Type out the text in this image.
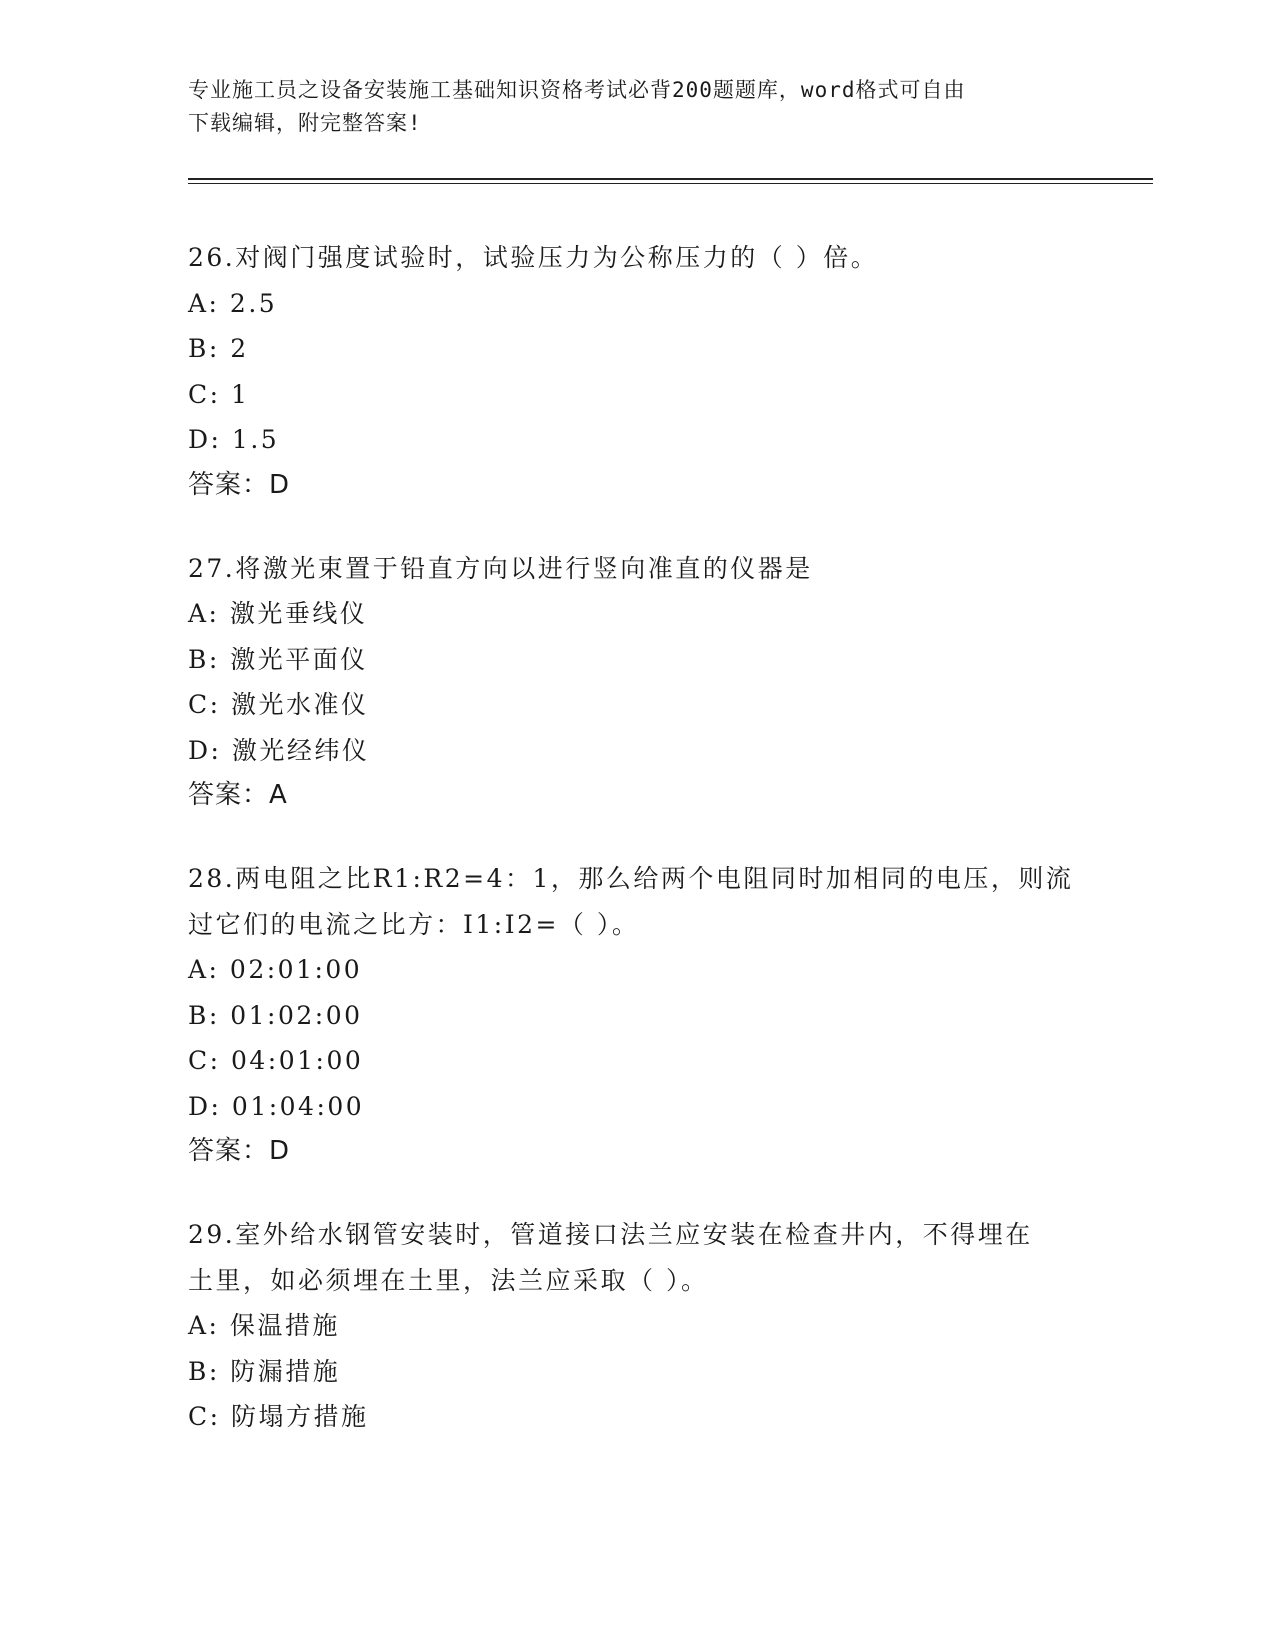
专业施工员之设备安装施工基础知识资格考试必背200题题库，word格式可自由
下载编辑，附完整答案!

26.对阀门强度试验时，试验压力为公称压力的（ ）倍。

A: 2.5

B: 2

C: 1

D: 1.5

答案：D

27.将激光束置于铅直方向以进行竖向准直的仪器是

A: 激光垂线仪

B: 激光平面仪

C: 激光水准仪

D: 激光经纬仪

答案：A

28.两电阻之比R1:R2=4：1，那么给两个电阻同时加相同的电压，则流

过它们的电流之比方：I1:I2=（ ）。

A: 02:01:00

B: 01:02:00

C: 04:01:00

D: 01:04:00

答案：D

29.室外给水钢管安装时，管道接口法兰应安装在检查井内，不得埋在

土里，如必须埋在土里，法兰应采取（ ）。

A: 保温措施

B: 防漏措施

C: 防塌方措施
